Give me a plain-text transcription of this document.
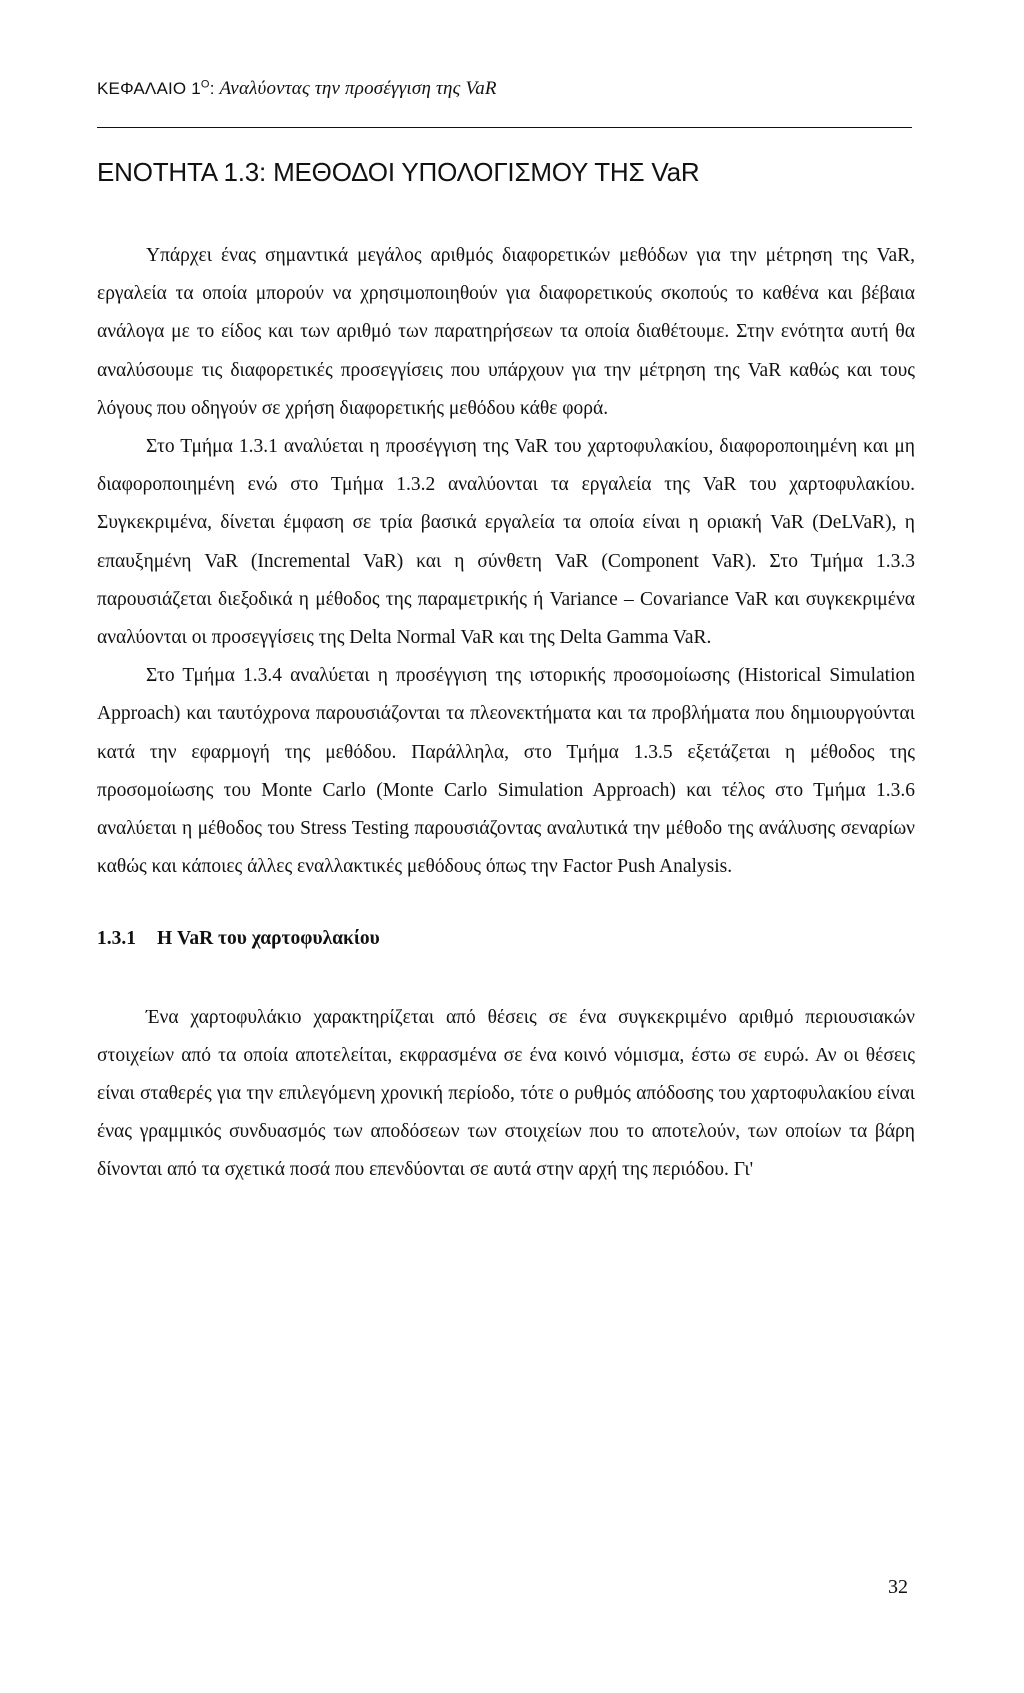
ΚΕΦΑΛΑΙΟ $1^O$: Αναλύοντας την προσέγγιση της VaR
ΕΝΟΤΗΤΑ 1.3: ΜΕΘΟΔΟΙ ΥΠΟΛΟΓΙΣΜΟΥ ΤΗΣ VaR

Υπάρχει ένας σημαντικά μεγάλος αριθμός διαφορετικών μεθόδων για την μέτρηση της VaR, εργαλεία τα οποία μπορούν να χρησιμοποιηθούν για διαφορετικούς σκοπούς το καθένα και βέβαια ανάλογα με το είδος και των αριθμό των παρατηρήσεων τα οποία διαθέτουμε. Στην ενότητα αυτή θα αναλύσουμε τις διαφορετικές προσεγγίσεις που υπάρχουν για την μέτρηση της VaR καθώς και τους λόγους που οδηγούν σε χρήση διαφορετικής μεθόδου κάθε φορά.

Στο Τμήμα 1.3.1 αναλύεται η προσέγγιση της VaR του χαρτοφυλακίου, διαφοροποιημένη και μη διαφοροποιημένη ενώ στο Τμήμα 1.3.2 αναλύονται τα εργαλεία της VaR του χαρτοφυλακίου. Συγκεκριμένα, δίνεται έμφαση σε τρία βασικά εργαλεία τα οποία είναι η οριακή VaR (DeLVaR), η επαυξημένη VaR (Incremental VaR) και η σύνθετη VaR (Component VaR). Στο Τμήμα 1.3.3 παρουσιάζεται διεξοδικά η μέθοδος της παραμετρικής ή Variance – Covariance VaR και συγκεκριμένα αναλύονται οι προσεγγίσεις της Delta Normal VaR και της Delta Gamma VaR.

Στο Τμήμα 1.3.4 αναλύεται η προσέγγιση της ιστορικής προσομοίωσης (Historical Simulation Approach) και ταυτόχρονα παρουσιάζονται τα πλεονεκτήματα και τα προβλήματα που δημιουργούνται κατά την εφαρμογή της μεθόδου. Παράλληλα, στο Τμήμα 1.3.5 εξετάζεται η μέθοδος της προσομοίωσης του Monte Carlo (Monte Carlo Simulation Approach) και τέλος στο Τμήμα 1.3.6 αναλύεται η μέθοδος του Stress Testing παρουσιάζοντας αναλυτικά την μέθοδο της ανάλυσης σεναρίων καθώς και κάποιες άλλες εναλλακτικές μεθόδους όπως την Factor Push Analysis.

1.3.1 Η VaR του χαρτοφυλακίου

Ένα χαρτοφυλάκιο χαρακτηρίζεται από θέσεις σε ένα συγκεκριμένο αριθμό περιουσιακών στοιχείων από τα οποία αποτελείται, εκφρασμένα σε ένα κοινό νόμισμα, έστω σε ευρώ. Αν οι θέσεις είναι σταθερές για την επιλεγόμενη χρονική περίοδο, τότε ο ρυθμός απόδοσης του χαρτοφυλακίου είναι ένας γραμμικός συνδυασμός των αποδόσεων των στοιχείων που το αποτελούν, των οποίων τα βάρη δίνονται από τα σχετικά ποσά που επενδύονται σε αυτά στην αρχή της περιόδου. Γι'

32
